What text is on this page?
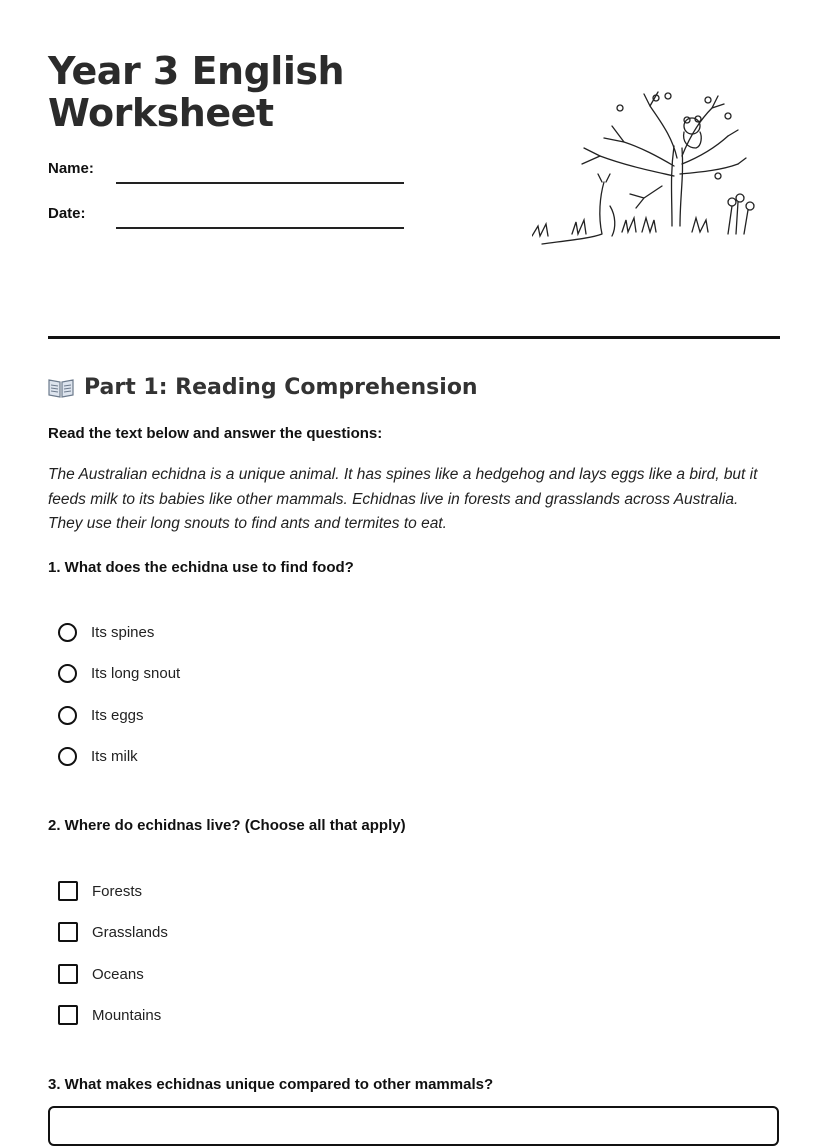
Year 3 English Worksheet
Name:
Date:
Part 1: Reading Comprehension
Read the text below and answer the questions:

The Australian echidna is a unique animal. It has spines like a hedgehog and lays eggs like a bird, but it feeds milk to its babies like other mammals. Echidnas live in forests and grasslands across Australia. They use their long snouts to find ants and termites to eat.

1. What does the echidna use to find food?
Its spines
Its long snout
Its eggs
Its milk
2. Where do echidnas live? (Choose all that apply)
Forests
Grasslands
Oceans
Mountains
3. What makes echidnas unique compared to other mammals?
